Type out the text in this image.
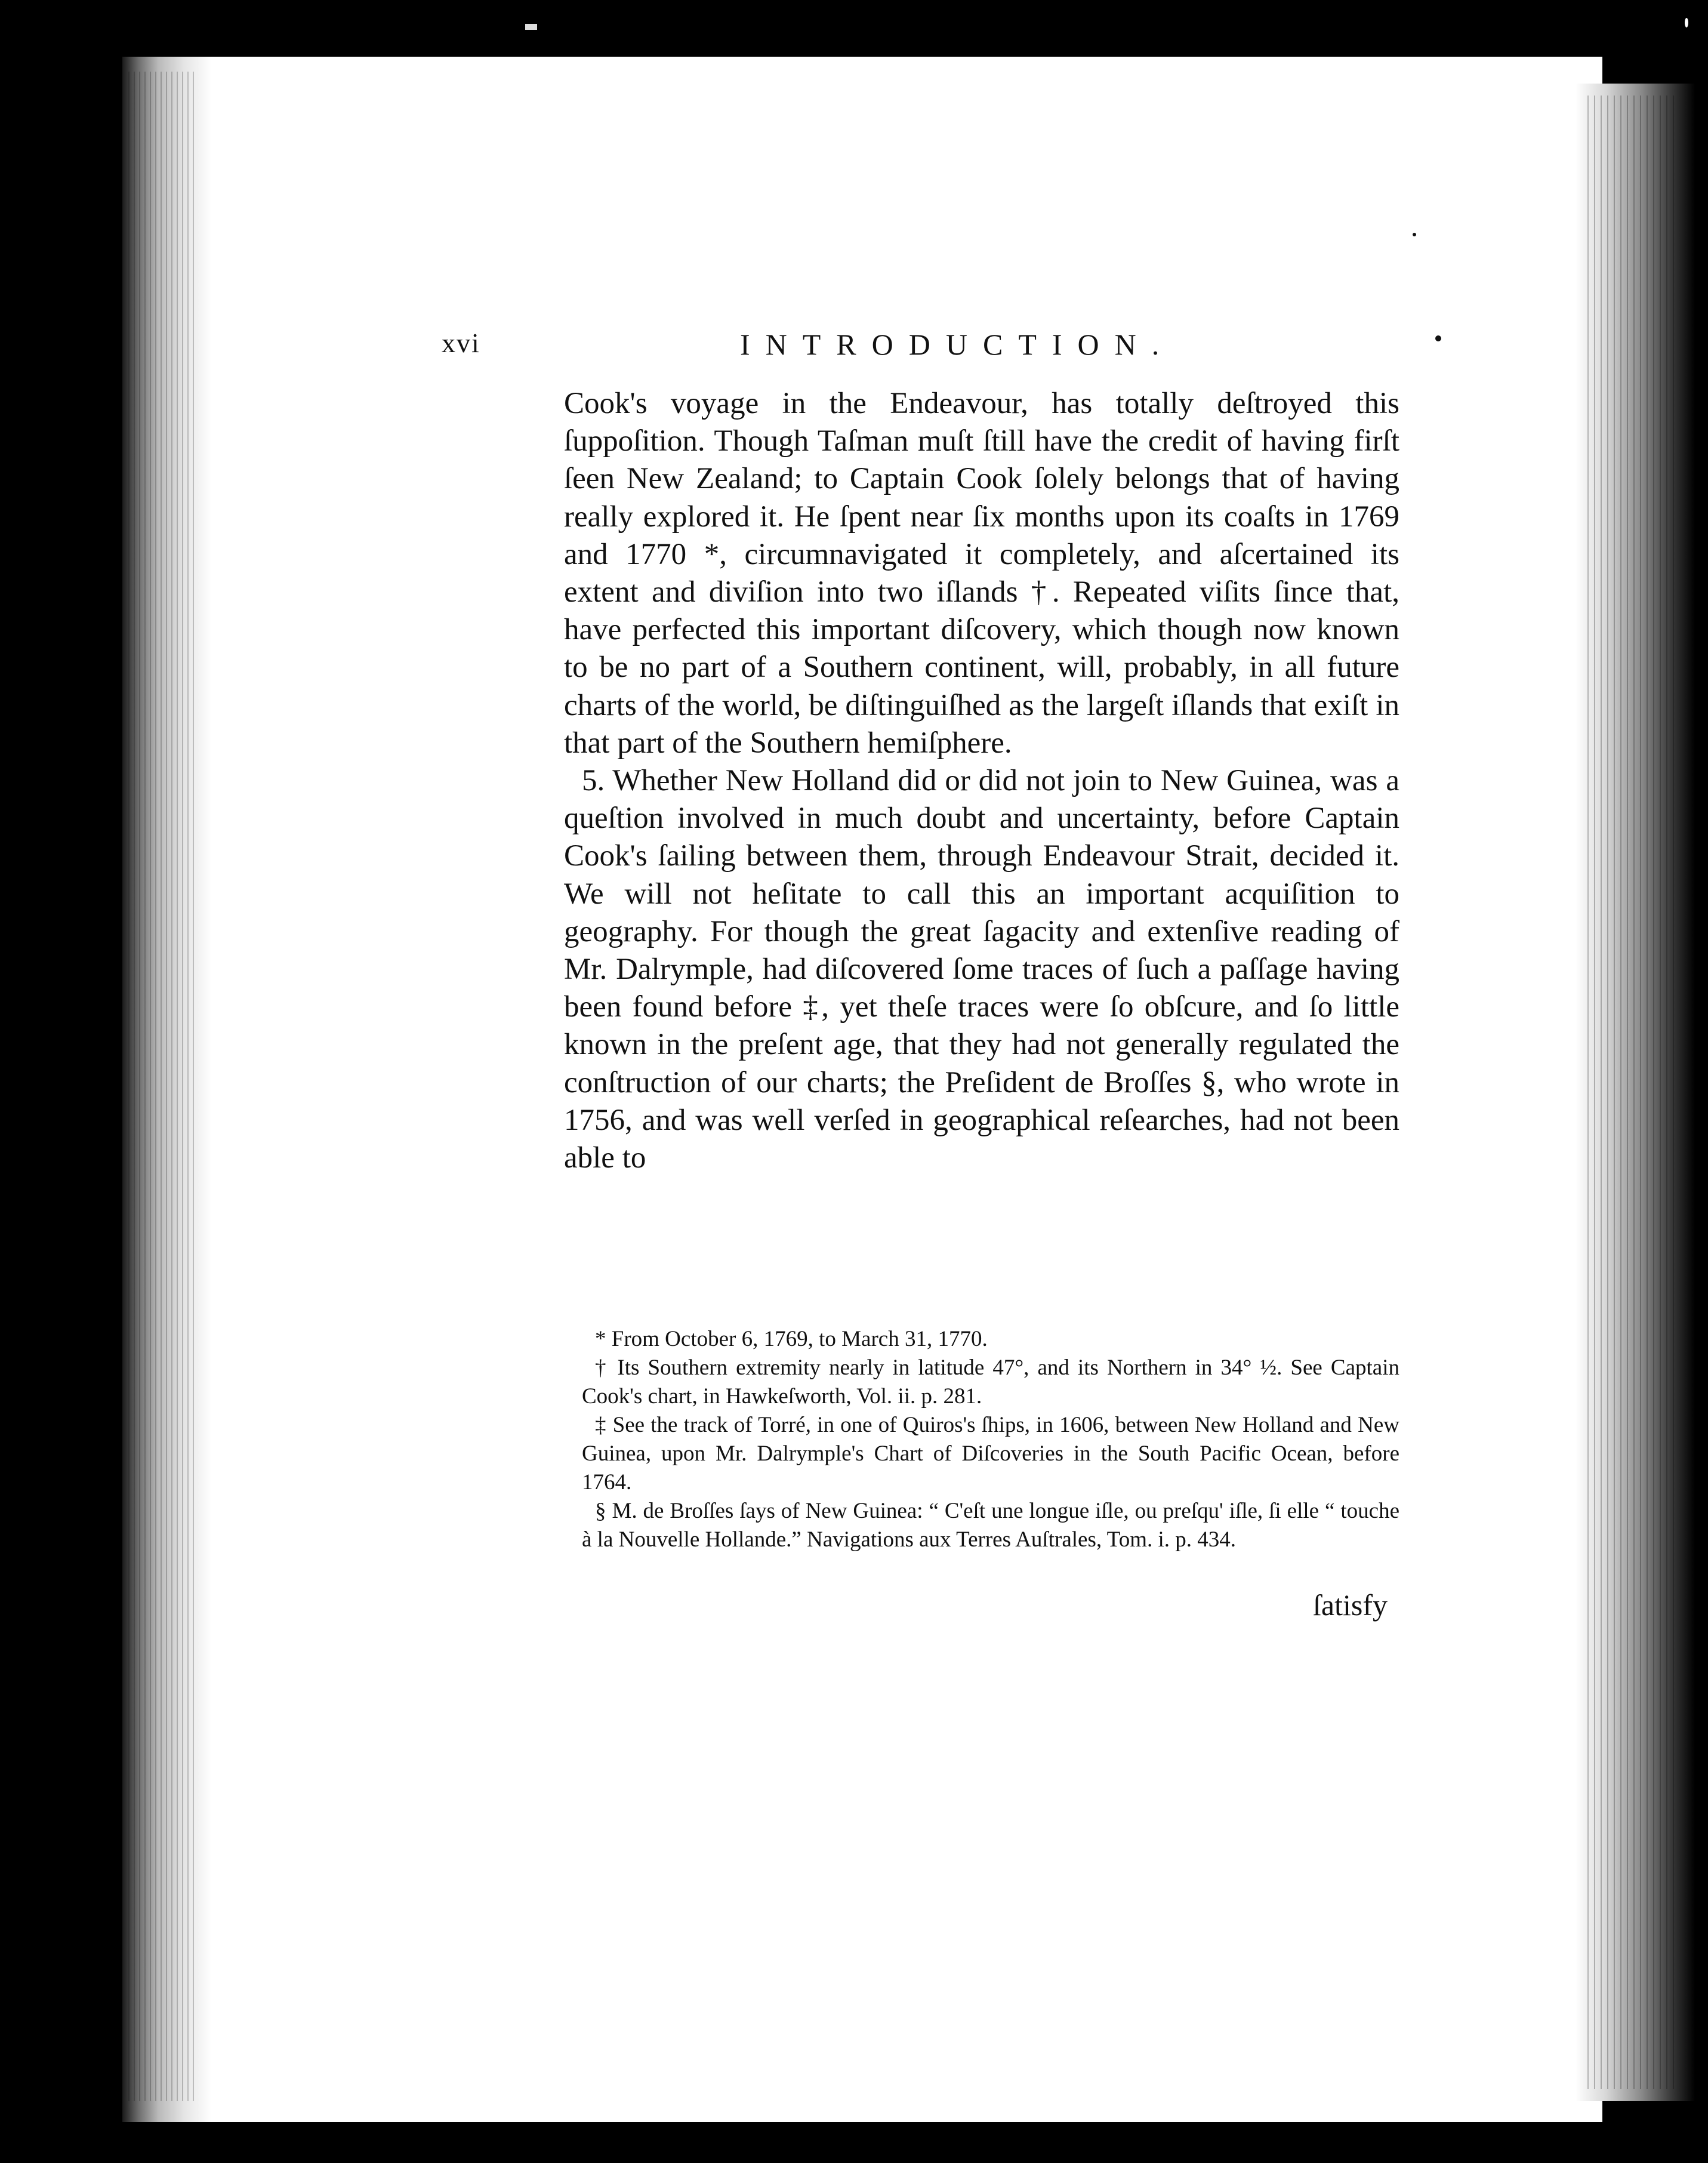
xvi	INTRODUCTION.

Cook's voyage in the Endeavour, has totally deſtroyed this ſuppoſition. Though Taſman muſt ſtill have the credit of having firſt ſeen New Zealand; to Captain Cook ſolely belongs that of having really explored it. He ſpent near ſix months upon its coaſts in 1769 and 1770 *, circumnavigated it completely, and aſcertained its extent and diviſion into two iſlands †. Repeated viſits ſince that, have perfected this important diſcovery, which though now known to be no part of a Southern continent, will, probably, in all future charts of the world, be diſtinguiſhed as the largeſt iſlands that exiſt in that part of the Southern hemiſphere.

5. Whether New Holland did or did not join to New Guinea, was a queſtion involved in much doubt and uncertainty, before Captain Cook's ſailing between them, through Endeavour Strait, decided it. We will not heſitate to call this an important acquiſition to geography. For though the great ſagacity and extenſive reading of Mr. Dalrymple, had diſcovered ſome traces of ſuch a paſſage having been found before ‡, yet theſe traces were ſo obſcure, and ſo little known in the preſent age, that they had not generally regulated the conſtruction of our charts; the Preſident de Broſſes §, who wrote in 1756, and was well verſed in geographical reſearches, had not been able to

* From October 6, 1769, to March 31, 1770.

† Its Southern extremity nearly in latitude 47°, and its Northern in 34° ½. See Captain Cook's chart, in Hawkeſworth, Vol. ii. p. 281.

‡ See the track of Torré, in one of Quiros's ſhips, in 1606, between New Holland and New Guinea, upon Mr. Dalrymple's Chart of Diſcoveries in the South Pacific Ocean, before 1764.

§ M. de Broſſes ſays of New Guinea: “ C'eſt une longue iſle, ou preſqu' iſle, ſi elle “ touche à la Nouvelle Hollande.” Navigations aux Terres Auſtrales, Tom. i. p. 434.

ſatisfy
